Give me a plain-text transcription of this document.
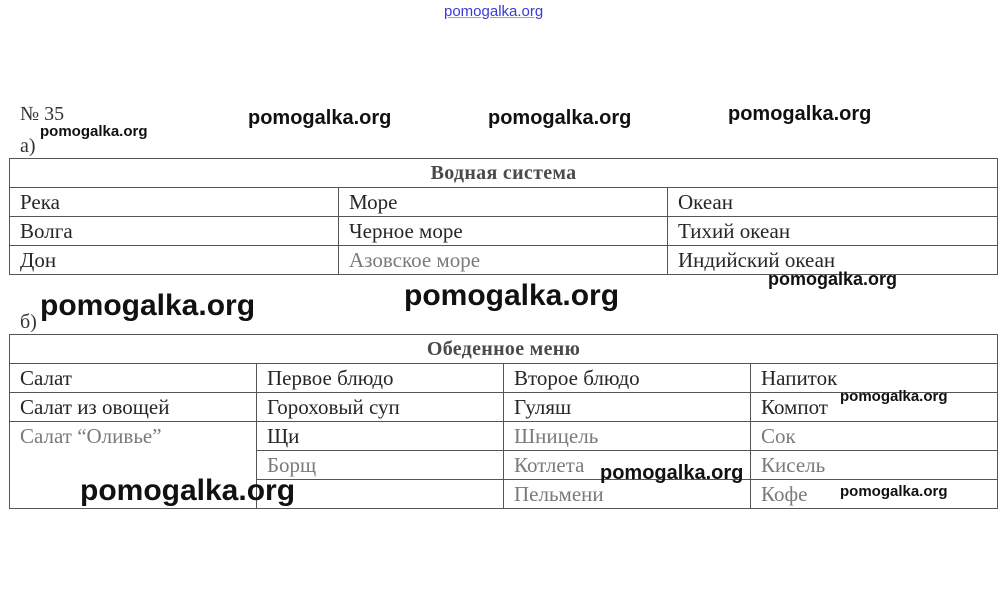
pomogalka.org
№ 35
а)
б)
Водная система		
Река	Море	Океан
Волга	Черное море	Тихий океан
Дон	Азовское море	Индийский океан
Обеденное меню			
Салат	Первое блюдо	Второе блюдо	Напиток
Салат из овощей	Гороховый суп	Гуляш	Компот
Салат “Оливье”	Щи	Шницель	Сок
	Борщ	Котлета	Кисель
		Пельмени	Кофе
pomogalka.org	pomogalka.org	pomogalka.org
pomogalka.org
pomogalka.org
pomogalka.org
pomogalka.org
pomogalka.org
pomogalka.org
pomogalka.org	pomogalka.org
